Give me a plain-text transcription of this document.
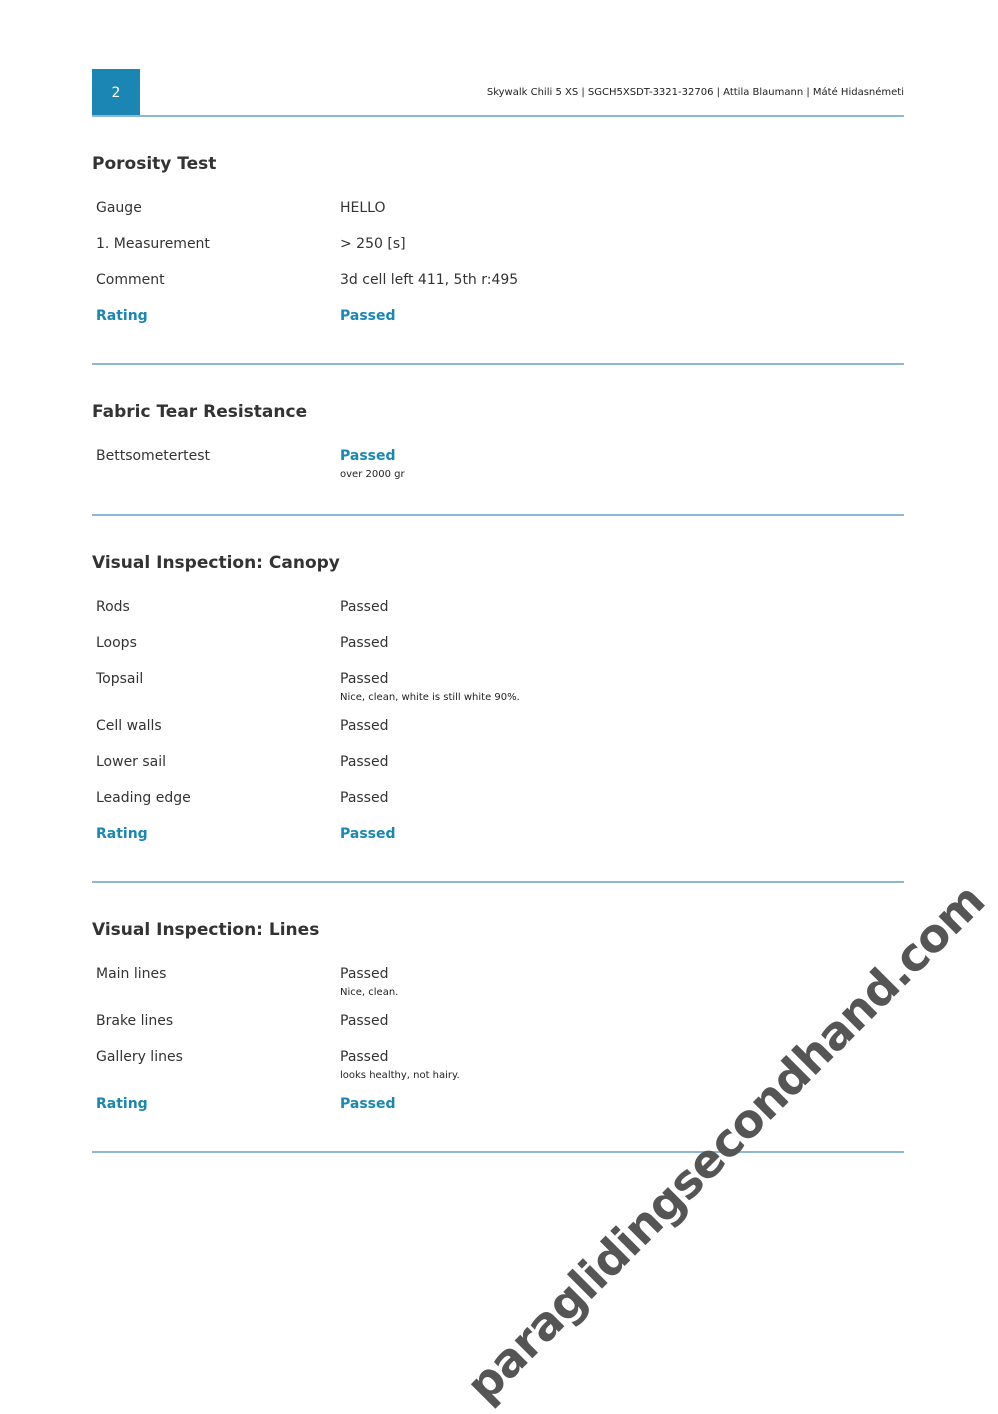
2	Skywalk Chili 5 XS | SGCH5XSDT-3321-32706 | Attila Blaumann | Máté Hidasnémeti
Porosity Test
Gauge	HELLO
1. Measurement	> 250 [s]
Comment	3d cell left 411, 5th r:495
Rating	Passed
Fabric Tear Resistance
Bettsometertest	Passed
over 2000 gr
Visual Inspection: Canopy
Rods	Passed
Loops	Passed
Topsail	Passed
Nice, clean, white is still white 90%.
Cell walls	Passed
Lower sail	Passed
Leading edge	Passed
Rating	Passed
Visual Inspection: Lines
Main lines	Passed
Nice, clean.
Brake lines	Passed
Gallery lines	Passed
looks healthy, not hairy.
Rating	Passed	paraglidingsecondhand.com
